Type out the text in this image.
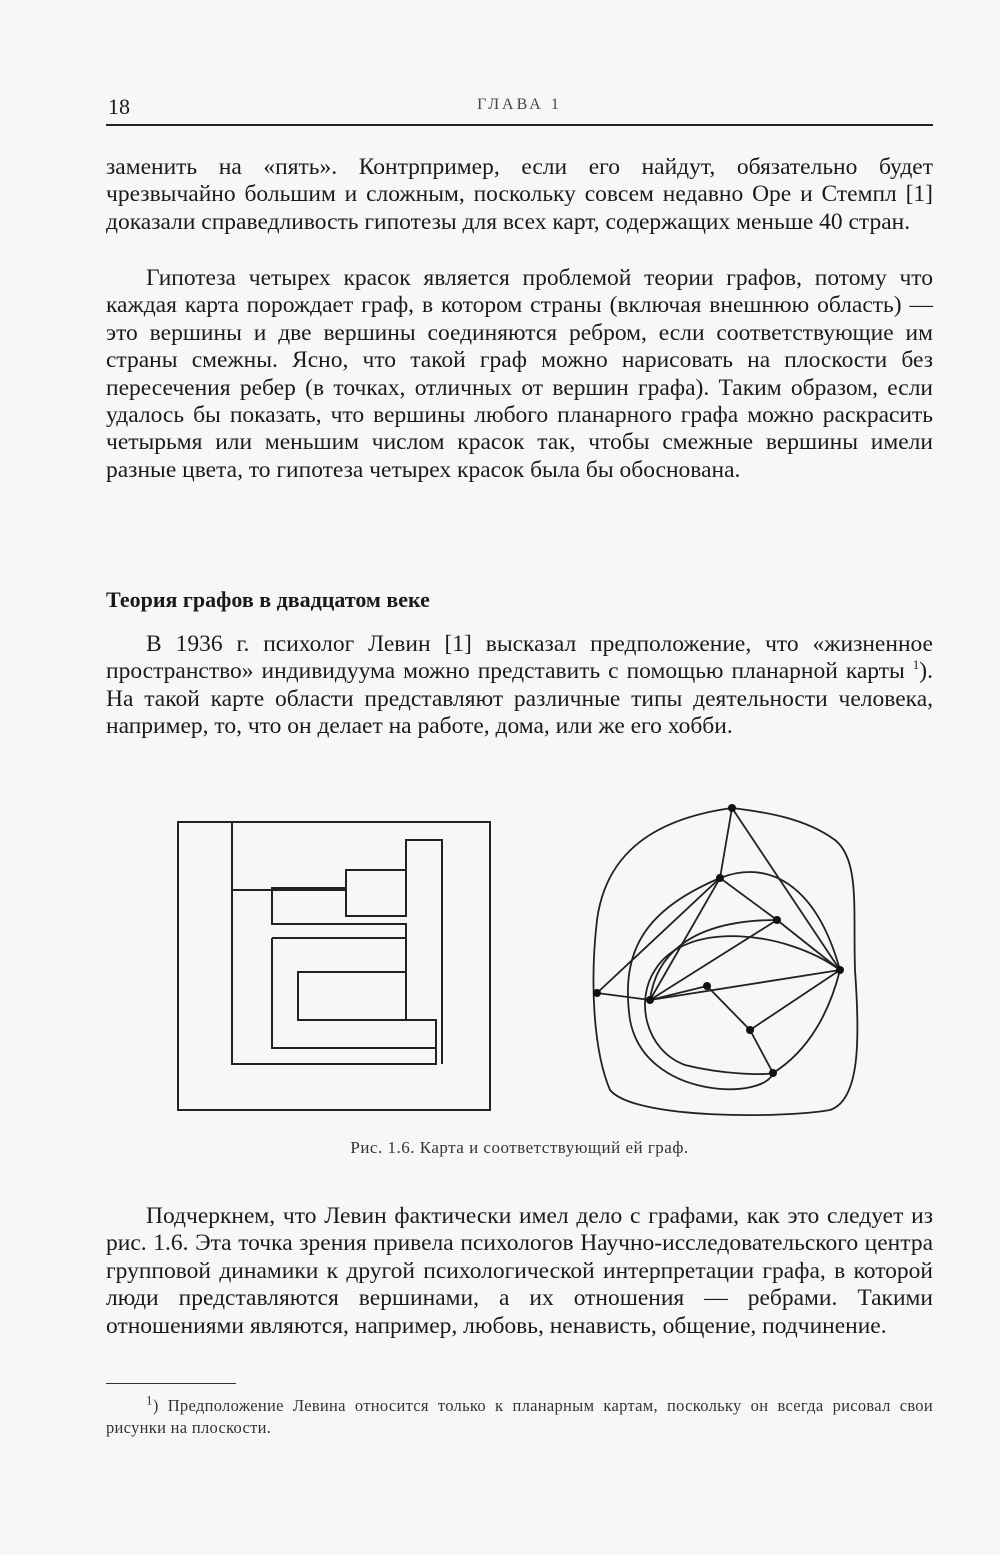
18	ГЛАВА 1
заменить на «пять». Контрпример, если его найдут, обязательно будет чрезвычайно большим и сложным, поскольку совсем недавно Оре и Стемпл [1] доказали справедливость гипотезы для всех карт, содержащих меньше 40 стран.
Гипотеза четырех красок является проблемой теории графов, потому что каждая карта порождает граф, в котором страны (включая внешнюю область) — это вершины и две вершины соединяются ребром, если соответствующие им страны смежны. Ясно, что такой граф можно нарисовать на плоскости без пересечения ребер (в точках, отличных от вершин графа). Таким образом, если удалось бы показать, что вершины любого планарного графа можно раскрасить четырьмя или меньшим числом красок так, чтобы смежные вершины имели разные цвета, то гипотеза четырех красок была бы обоснована.
Теория графов в двадцатом веке
В 1936 г. психолог Левин [1] высказал предположение, что «жизненное пространство» индивидуума можно представить с помощью планарной карты $^1$). На такой карте области представляют различные типы деятельности человека, например, то, что он делает на работе, дома, или же его хобби.
Рис. 1.6. Карта и соответствующий ей граф.
Подчеркнем, что Левин фактически имел дело с графами, как это следует из рис. 1.6. Эта точка зрения привела психологов Научно-исследовательского центра групповой динамики к другой психологической интерпретации графа, в которой люди представляются вершинами, а их отношения — ребрами. Такими отношениями являются, например, любовь, ненависть, общение, подчинение.
$^1$) Предположение Левина относится только к планарным картам, поскольку он всегда рисовал свои рисунки на плоскости.
